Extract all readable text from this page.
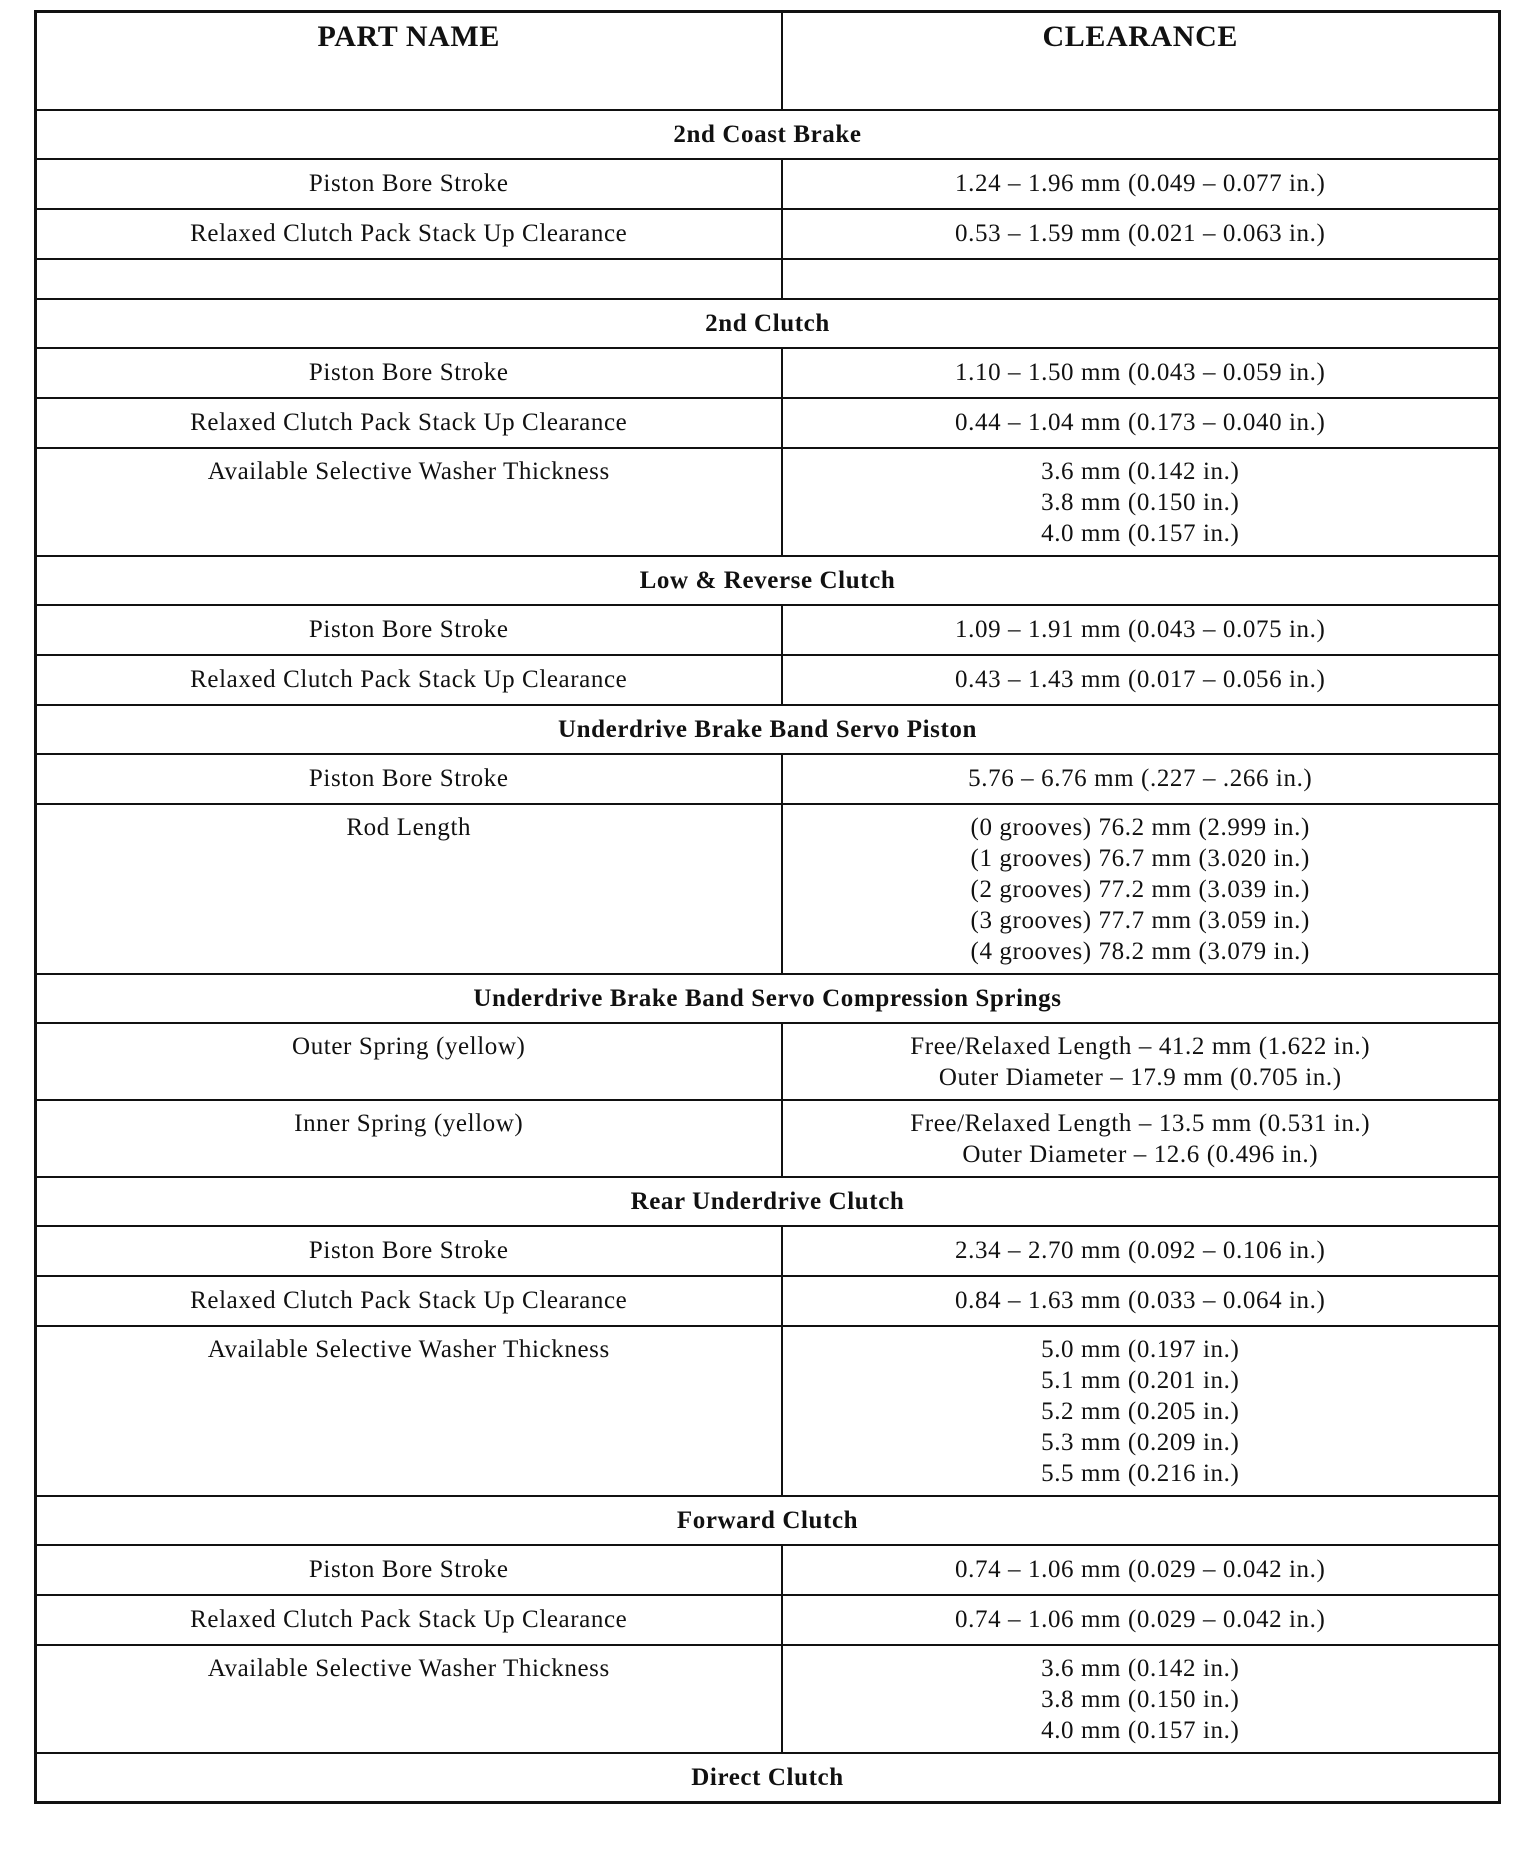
PART NAME	CLEARANCE
2nd Coast Brake	
Piston Bore Stroke	1.24 – 1.96 mm (0.049 – 0.077 in.)

Relaxed Clutch Pack Stack Up Clearance	0.53 – 1.59 mm (0.021 – 0.063 in.)

2nd Clutch	
Piston Bore Stroke	1.10 – 1.50 mm (0.043 – 0.059 in.)

Relaxed Clutch Pack Stack Up Clearance	0.44 – 1.04 mm (0.173 – 0.040 in.)

Available Selective Washer Thickness	3.6 mm (0.142 in.)
3.8 mm (0.150 in.)
4.0 mm (0.157 in.)

Low & Reverse Clutch	
Piston Bore Stroke	1.09 – 1.91 mm (0.043 – 0.075 in.)

Relaxed Clutch Pack Stack Up Clearance	0.43 – 1.43 mm (0.017 – 0.056 in.)

Underdrive Brake Band Servo Piston	
Piston Bore Stroke	5.76 – 6.76 mm (.227 – .266 in.)

Rod Length	(0 grooves) 76.2 mm (2.999 in.)
(1 grooves) 76.7 mm (3.020 in.)
(2 grooves) 77.2 mm (3.039 in.)
(3 grooves) 77.7 mm (3.059 in.)
(4 grooves) 78.2 mm (3.079 in.)

Underdrive Brake Band Servo Compression Springs	
Outer Spring (yellow)	Free/Relaxed Length – 41.2 mm (1.622 in.)
Outer Diameter – 17.9 mm (0.705 in.)

Inner Spring (yellow)	Free/Relaxed Length – 13.5 mm (0.531 in.)
Outer Diameter – 12.6 (0.496 in.)

Rear Underdrive Clutch	
Piston Bore Stroke	2.34 – 2.70 mm (0.092 – 0.106 in.)

Relaxed Clutch Pack Stack Up Clearance	0.84 – 1.63 mm (0.033 – 0.064 in.)

Available Selective Washer Thickness	5.0 mm (0.197 in.)
5.1 mm (0.201 in.)
5.2 mm (0.205 in.)
5.3 mm (0.209 in.)
5.5 mm (0.216 in.)

Forward Clutch	
Piston Bore Stroke	0.74 – 1.06 mm (0.029 – 0.042 in.)

Relaxed Clutch Pack Stack Up Clearance	0.74 – 1.06 mm (0.029 – 0.042 in.)

Available Selective Washer Thickness	3.6 mm (0.142 in.)
3.8 mm (0.150 in.)
4.0 mm (0.157 in.)

Direct Clutch	
